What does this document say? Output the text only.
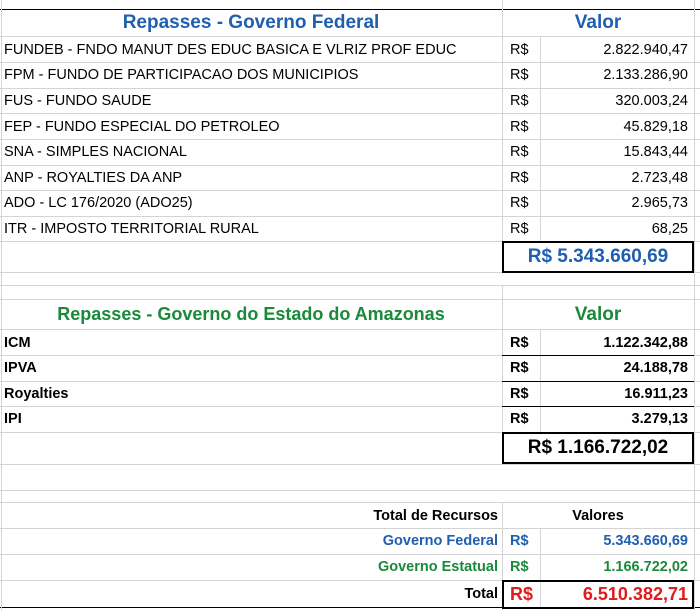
Repasses - Governo Federal	Valor
FUNDEB - FNDO MANUT DES EDUC BASICA E VLRIZ PROF EDUC	R$	2.822.940,47
FPM - FUNDO DE PARTICIPACAO DOS MUNICIPIOS	R$	2.133.286,90
FUS - FUNDO SAUDE	R$	320.003,24
FEP - FUNDO ESPECIAL DO PETROLEO	R$	45.829,18
SNA - SIMPLES NACIONAL	R$	15.843,44
ANP - ROYALTIES DA ANP	R$	2.723,48
ADO - LC 176/2020 (ADO25)	R$	2.965,73
ITR - IMPOSTO TERRITORIAL RURAL	R$	68,25
R$ 5.343.660,69
Repasses - Governo do Estado do Amazonas	Valor
ICM	R$	1.122.342,88
IPVA	R$	24.188,78
Royalties	R$	16.911,23
IPI	R$	3.279,13
R$ 1.166.722,02
Total de Recursos	Valores
Governo Federal R$	5.343.660,69
Governo Estatual R$	1.166.722,02
Total R$	6.510.382,71
